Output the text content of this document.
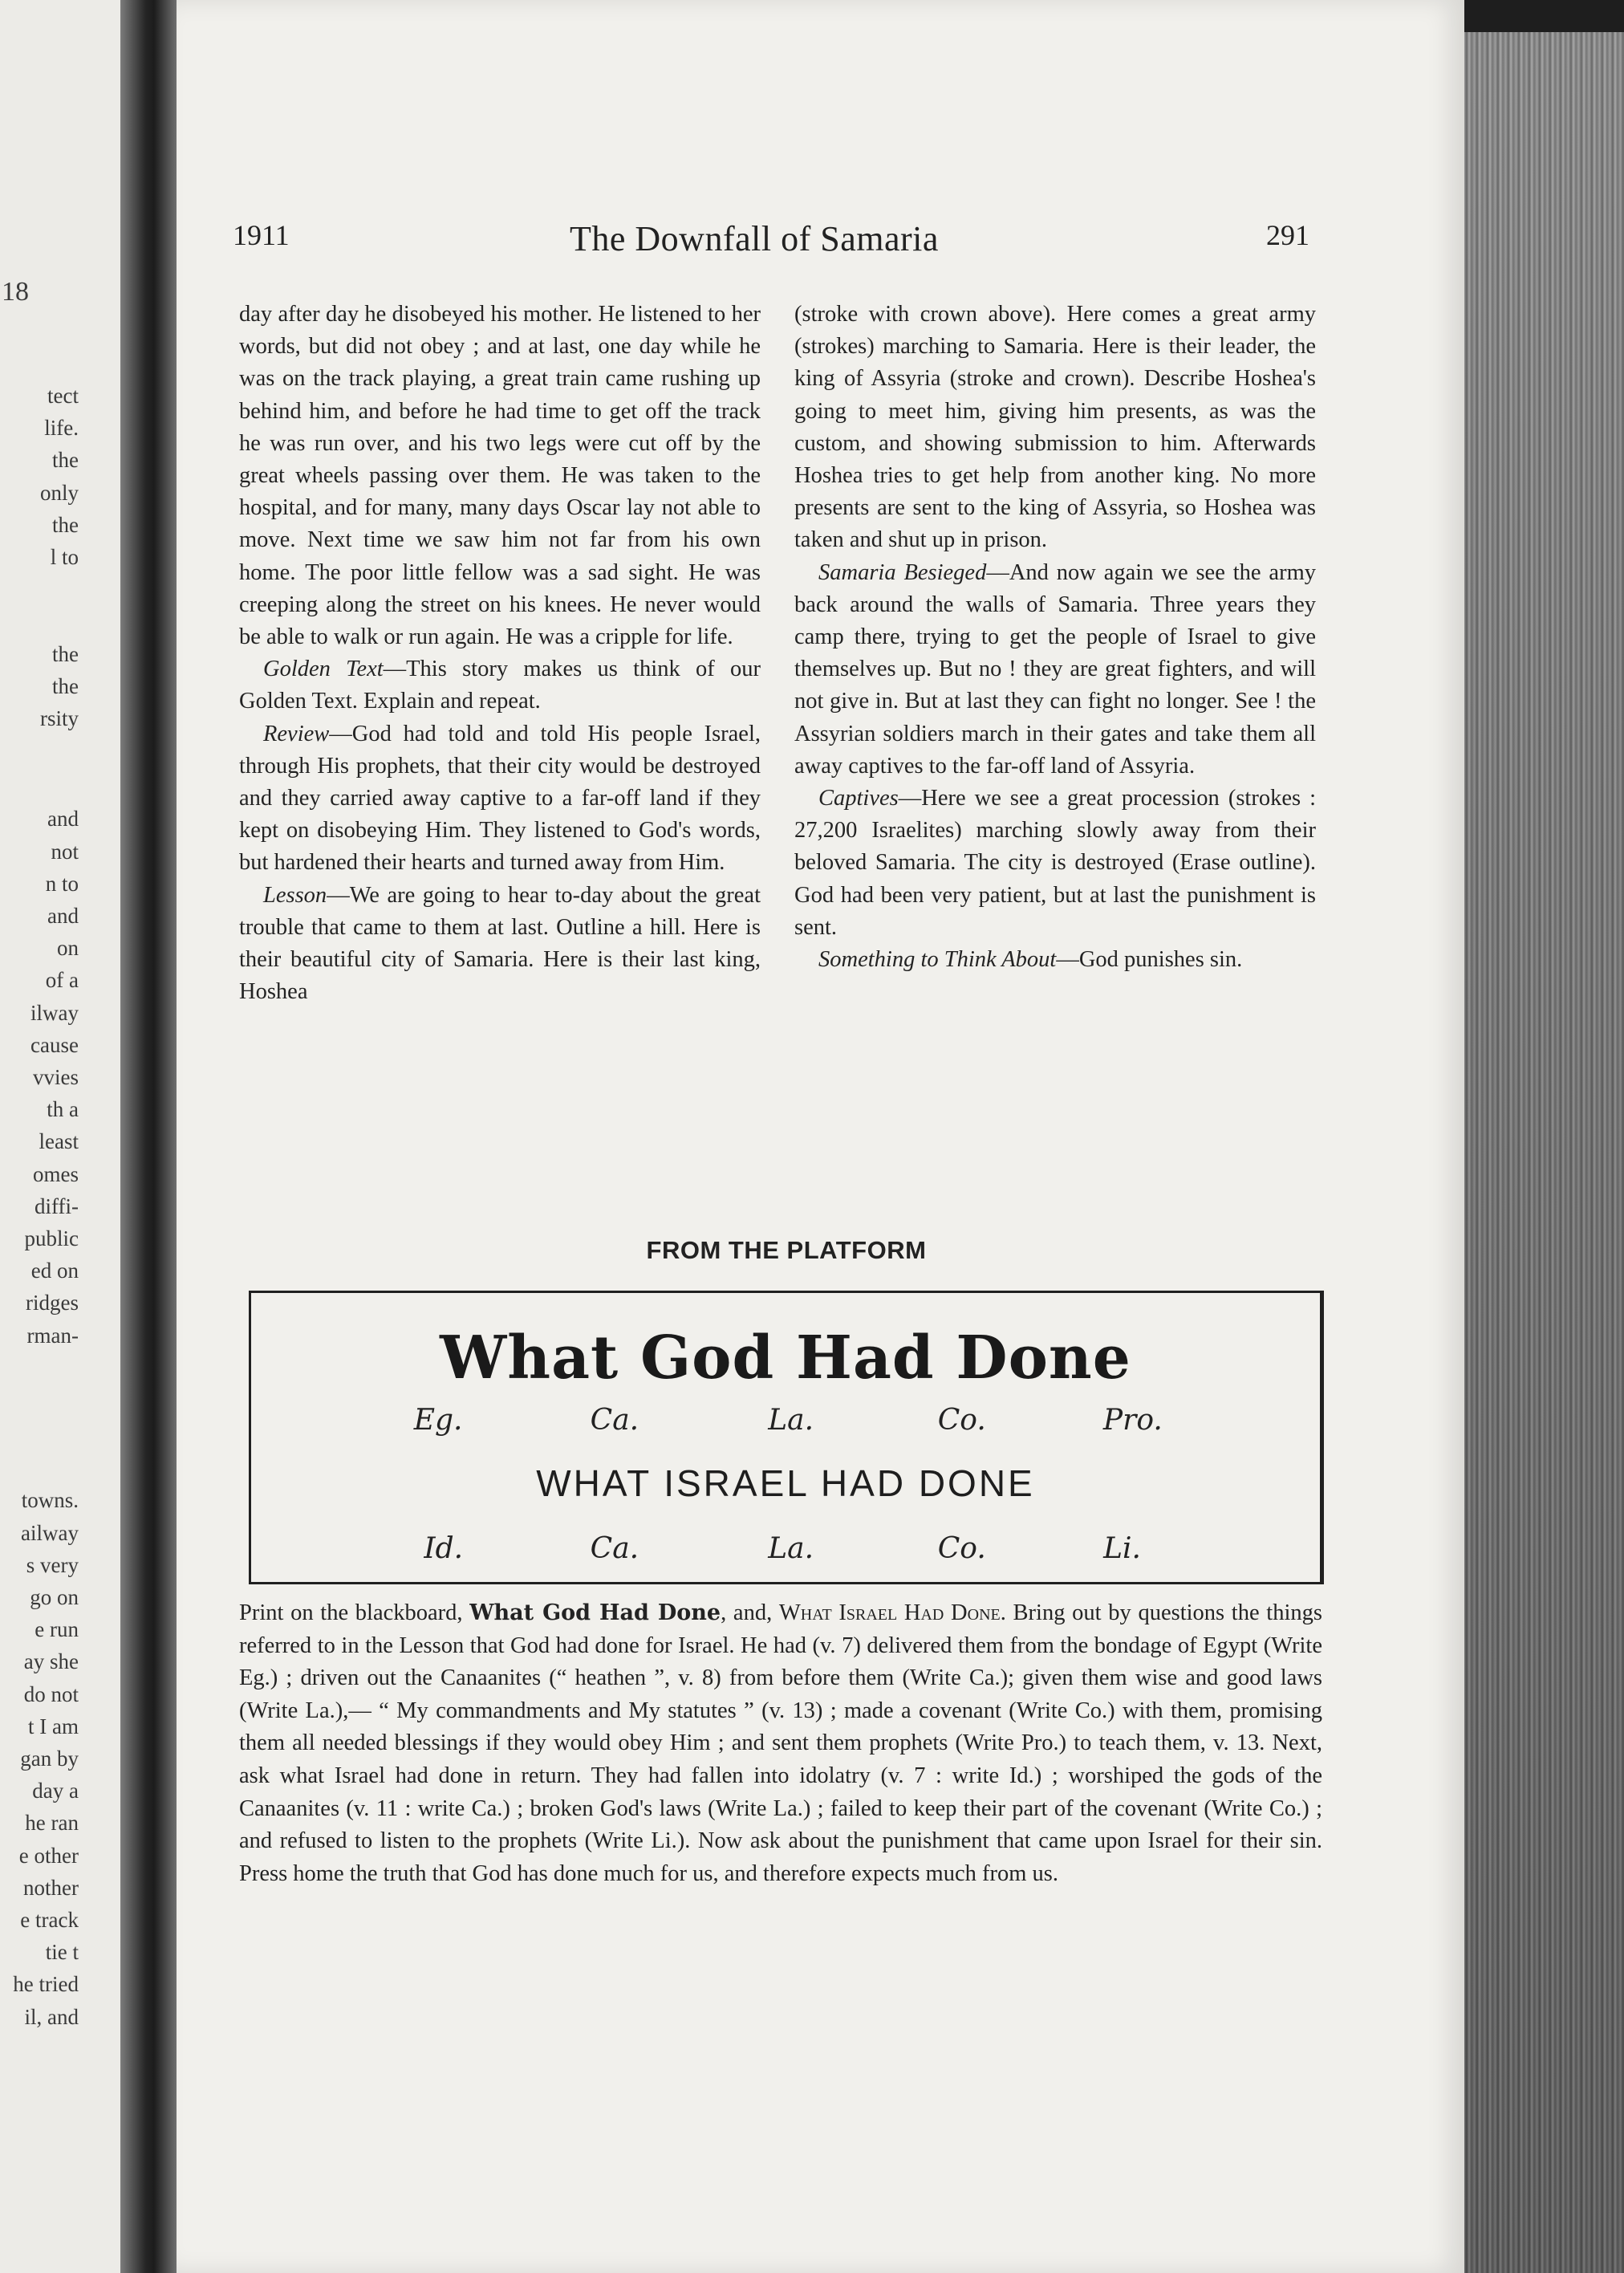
18
tect
life.
the
only
the
l to
the
the
rsity
and
not
n to
and
on
of a
ilway
cause
vvies
th a
least
omes
diffi-
public
ed on
ridges
rman-
towns.
ailway
s very
go on
e run
ay she
do not
t I am
gan by
day a
he ran
e other
nother
e track
tie t
he tried
il, and
1911	The Downfall of Samaria	291

day after day he disobeyed his mother. He listened to her words, but did not obey ; and at last, one day while he was on the track playing, a great train came rushing up behind him, and before he had time to get off the track he was run over, and his two legs were cut off by the great wheels passing over them. He was taken to the hospital, and for many, many days Oscar lay not able to move. Next time we saw him not far from his own home. The poor little fellow was a sad sight. He was creeping along the street on his knees. He never would be able to walk or run again. He was a cripple for life.

Golden Text—This story makes us think of our Golden Text. Explain and repeat.

Review—God had told and told His people Israel, through His prophets, that their city would be destroyed and they carried away captive to a far-off land if they kept on disobeying Him. They listened to God's words, but hardened their hearts and turned away from Him.

Lesson—We are going to hear to-day about the great trouble that came to them at last. Outline a hill. Here is their beautiful city of Samaria. Here is their last king, Hoshea

(stroke with crown above). Here comes a great army (strokes) marching to Samaria. Here is their leader, the king of Assyria (stroke and crown). Describe Hoshea's going to meet him, giving him presents, as was the custom, and showing submission to him. Afterwards Hoshea tries to get help from another king. No more presents are sent to the king of Assyria, so Hoshea was taken and shut up in prison.

Samaria Besieged—And now again we see the army back around the walls of Samaria. Three years they camp there, trying to get the people of Israel to give themselves up. But no ! they are great fighters, and will not give in. But at last they can fight no longer. See ! the Assyrian soldiers march in their gates and take them all away captives to the far-off land of Assyria.

Captives—Here we see a great procession (strokes : 27,200 Israelites) marching slowly away from their beloved Samaria. The city is destroyed (Erase outline). God had been very patient, but at last the punishment is sent.

Something to Think About—God punishes sin.

FROM THE PLATFORM
What God Had Done
Eg.	Ca.	La.	Co.	Pro.
WHAT ISRAEL HAD DONE
Id.	Ca.	La.	Co.	Li.

Print on the blackboard, What God Had Done, and, What Israel Had Done. Bring out by questions the things referred to in the Lesson that God had done for Israel. He had (v. 7) delivered them from the bondage of Egypt (Write Eg.) ; driven out the Canaanites (“ heathen ”, v. 8) from before them (Write Ca.); given them wise and good laws (Write La.),— “ My commandments and My statutes ” (v. 13) ; made a covenant (Write Co.) with them, promising them all needed blessings if they would obey Him ; and sent them prophets (Write Pro.) to teach them, v. 13. Next, ask what Israel had done in return. They had fallen into idolatry (v. 7 : write Id.) ; worshiped the gods of the Canaanites (v. 11 : write Ca.) ; broken God's laws (Write La.) ; failed to keep their part of the covenant (Write Co.) ; and refused to listen to the prophets (Write Li.). Now ask about the punishment that came upon Israel for their sin. Press home the truth that God has done much for us, and therefore expects much from us.
